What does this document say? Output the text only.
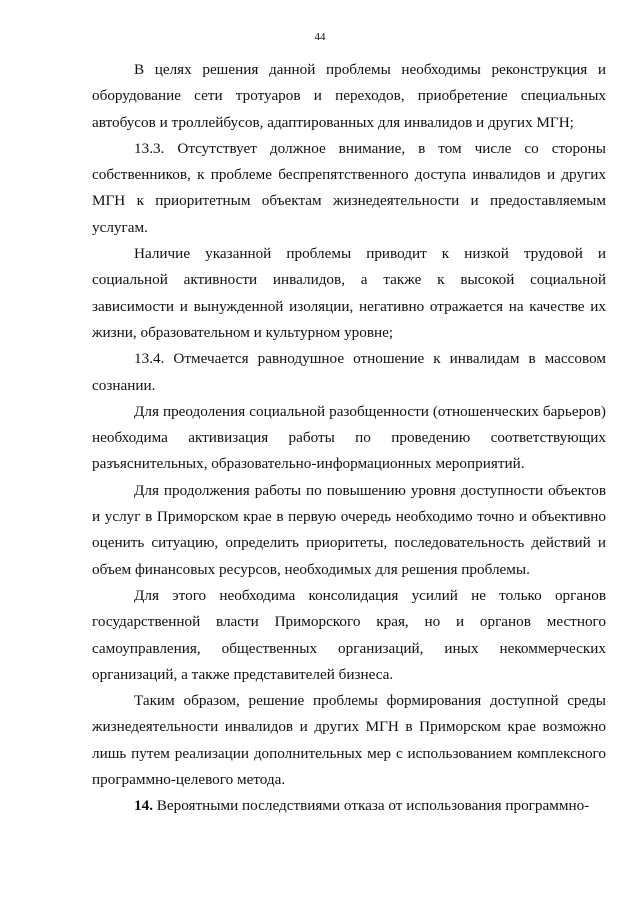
44

В целях решения данной проблемы необходимы реконструкция и оборудование сети тротуаров и переходов, приобретение специальных автобусов и троллейбусов, адаптированных для инвалидов и других МГН;

13.3. Отсутствует должное внимание, в том числе со стороны собственников, к проблеме беспрепятственного доступа инвалидов и других МГН к приоритетным объектам жизнедеятельности и предоставляемым услугам.

Наличие указанной проблемы приводит к низкой трудовой и социальной активности инвалидов, а также к высокой социальной зависимости и вынужденной изоляции, негативно отражается на качестве их жизни, образовательном и культурном уровне;

13.4. Отмечается равнодушное отношение к инвалидам в массовом сознании.

Для преодоления социальной разобщенности (отношенческих барьеров) необходима активизация работы по проведению соответствующих разъяснительных, образовательно-информационных мероприятий.

Для продолжения работы по повышению уровня доступности объектов и услуг в Приморском крае в первую очередь необходимо точно и объективно оценить ситуацию, определить приоритеты, последовательность действий и объем финансовых ресурсов, необходимых для решения проблемы.

Для этого необходима консолидация усилий не только органов государственной власти Приморского края, но и органов местного самоуправления, общественных организаций, иных некоммерческих организаций, а также представителей бизнеса.

Таким образом, решение проблемы формирования доступной среды жизнедеятельности инвалидов и других МГН в Приморском крае возможно лишь путем реализации дополнительных мер с использованием комплексного программно-целевого метода.

14. Вероятными последствиями отказа от использования программно-
